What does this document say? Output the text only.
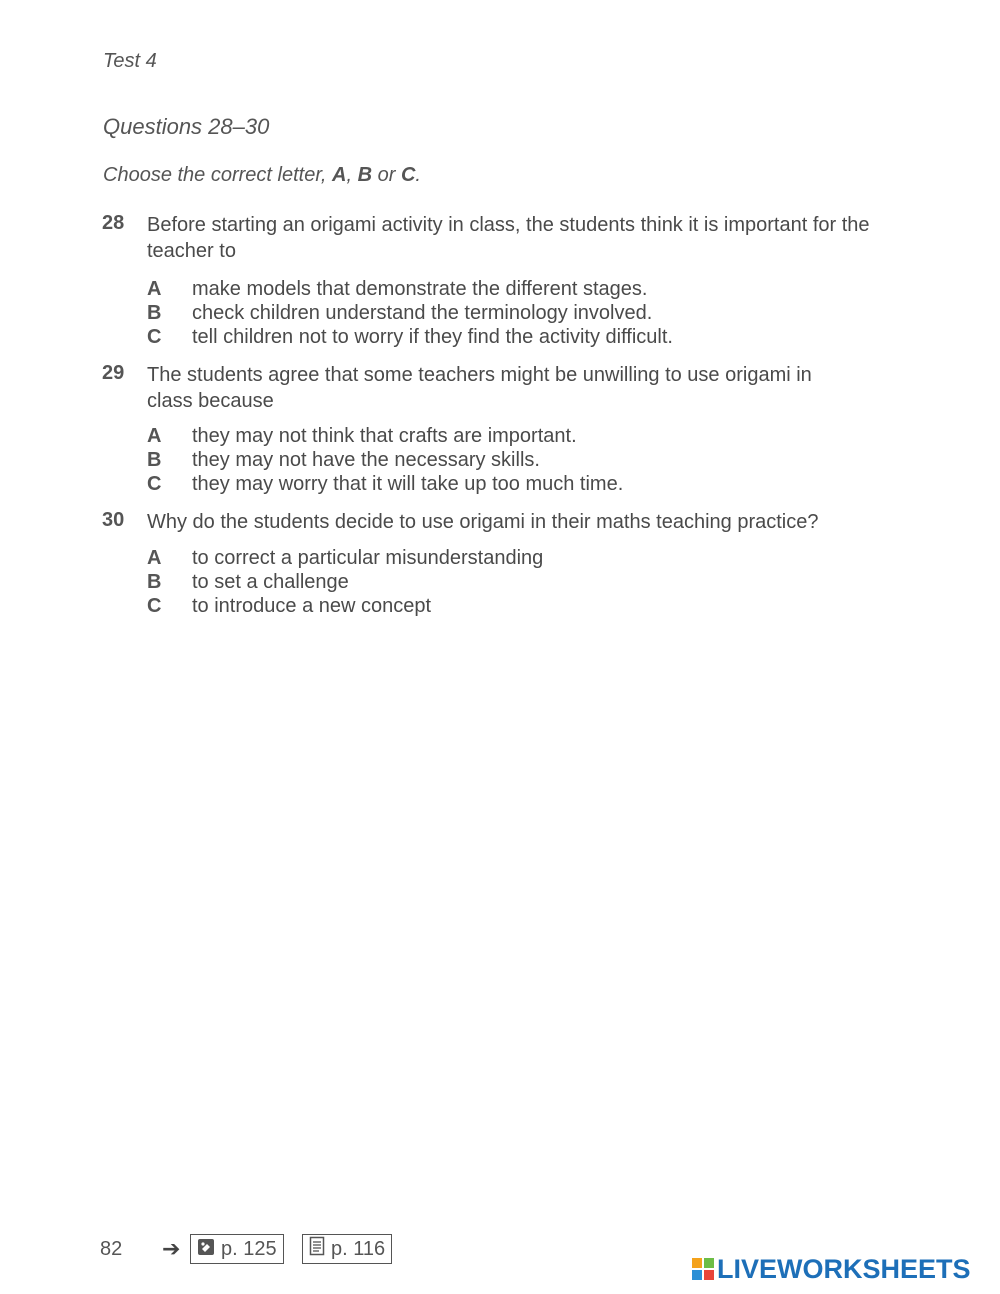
Test 4
Questions 28–30
Choose the correct letter, A, B or C.
28 Before starting an origami activity in class, the students think it is important for the teacher to
A make models that demonstrate the different stages.
B check children understand the terminology involved.
C tell children not to worry if they find the activity difficult.
29 The students agree that some teachers might be unwilling to use origami in class because
A they may not think that crafts are important.
B they may not have the necessary skills.
C they may worry that it will take up too much time.
30 Why do the students decide to use origami in their maths teaching practice?
A to correct a particular misunderstanding
B to set a challenge
C to introduce a new concept
82 ➔	p. 125	p. 116
LIVEWORKSHEETS
